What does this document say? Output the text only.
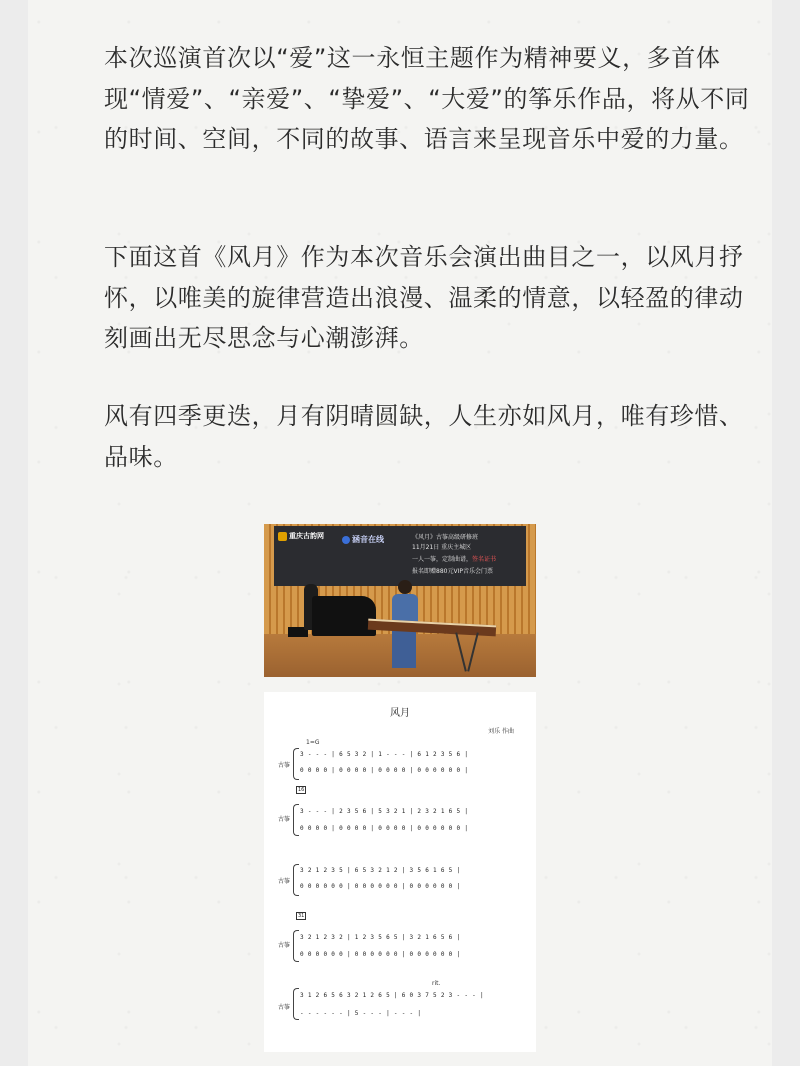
本次巡演首次以“爱”这一永恒主题作为精神要义，多首体现“情爱”、“亲爱”、“挚爱”、“大爱”的筝乐作品，将从不同的时间、空间，不同的故事、语言来呈现音乐中爱的力量。

下面这首《风月》作为本次音乐会演出曲目之一，以风月抒怀，以唯美的旋律营造出浪漫、温柔的情意，以轻盈的律动刻画出无尽思念与心潮澎湃。

风有四季更迭，月有阴晴圆缺，人生亦如风月，唯有珍惜、品味。

重庆古韵网	涵音在线	《风月》古筝高级研修班
11月21日 重庆主城区
一人一筝，定制曲谱，签名证书
报名即赠880元VIP音乐会门票
风月
刘乐 作曲
1=G
古筝
3 - - - | 6 5 3 2 | 1 - - - | 6 1 2 3 5 6 |
0 0 0 0 | 0 0 0 0 | 0 0 0 0 | 0 0 0 0 0 0 |
16
古筝
3 - - - | 2 3 5 6 | 5 3 2 1 | 2 3 2 1 6 5 |
0 0 0 0 | 0 0 0 0 | 0 0 0 0 | 0 0 0 0 0 0 |
古筝
3 2 1 2 3 5 | 6 5 3 2 1 2 | 3 5 6 1 6 5 |
0 0 0 0 0 0 | 0 0 0 0 0 0 | 0 0 0 0 0 0 |
31
古筝
3 2 1 2 3 2 | 1 2 3 5 6 5 | 3 2 1 6 5 6 |
0 0 0 0 0 0 | 0 0 0 0 0 0 | 0 0 0 0 0 0 |
rit.
古筝
3 1 2 6 5 6 3 2 1 2 6 5 | 6 0 3 7 5 2 3 - - - |
- - - - - - | 5 - - - | - - - |
